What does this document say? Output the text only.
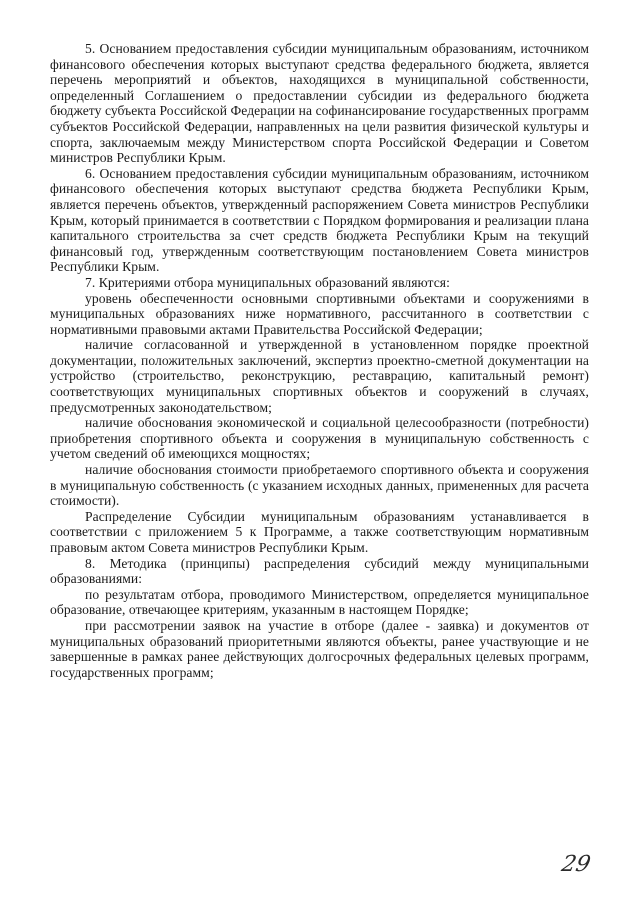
5. Основанием предоставления субсидии муниципальным образованиям, источником финансового обеспечения которых выступают средства федерального бюджета, является перечень мероприятий и объектов, находящихся в муниципальной собственности, определенный Соглашением о предоставлении субсидии из федерального бюджета бюджету субъекта Российской Федерации на софинансирование государственных программ субъектов Российской Федерации, направленных на цели развития физической культуры и спорта, заключаемым между Министерством спорта Российской Федерации и Советом министров Республики Крым.

6. Основанием предоставления субсидии муниципальным образованиям, источником финансового обеспечения которых выступают средства бюджета Республики Крым, является перечень объектов, утвержденный распоряжением Совета министров Республики Крым, который принимается в соответствии с Порядком формирования и реализации плана капитального строительства за счет средств бюджета Республики Крым на текущий финансовый год, утвержденным соответствующим постановлением Совета министров Республики Крым.

7. Критериями отбора муниципальных образований являются:

уровень обеспеченности основными спортивными объектами и сооружениями в муниципальных образованиях ниже нормативного, рассчитанного в соответствии с нормативными правовыми актами Правительства Российской Федерации;

наличие согласованной и утвержденной в установленном порядке проектной документации, положительных заключений, экспертиз проектно-сметной документации на устройство (строительство, реконструкцию, реставрацию, капитальный ремонт) соответствующих муниципальных спортивных объектов и сооружений в случаях, предусмотренных законодательством;

наличие обоснования экономической и социальной целесообразности (потребности) приобретения спортивного объекта и сооружения в муниципальную собственность с учетом сведений об имеющихся мощностях;

наличие обоснования стоимости приобретаемого спортивного объекта и сооружения в муниципальную собственность (с указанием исходных данных, примененных для расчета стоимости).

Распределение Субсидии муниципальным образованиям устанавливается в соответствии с приложением 5 к Программе, а также соответствующим нормативным правовым актом Совета министров Республики Крым.

8. Методика (принципы) распределения субсидий между муниципальными образованиями:

по результатам отбора, проводимого Министерством, определяется муниципальное образование, отвечающее критериям, указанным в настоящем Порядке;

при рассмотрении заявок на участие в отборе (далее - заявка) и документов от муниципальных образований приоритетными являются объекты, ранее участвующие и не завершенные в рамках ранее действующих долгосрочных федеральных целевых программ, государственных программ;

29
